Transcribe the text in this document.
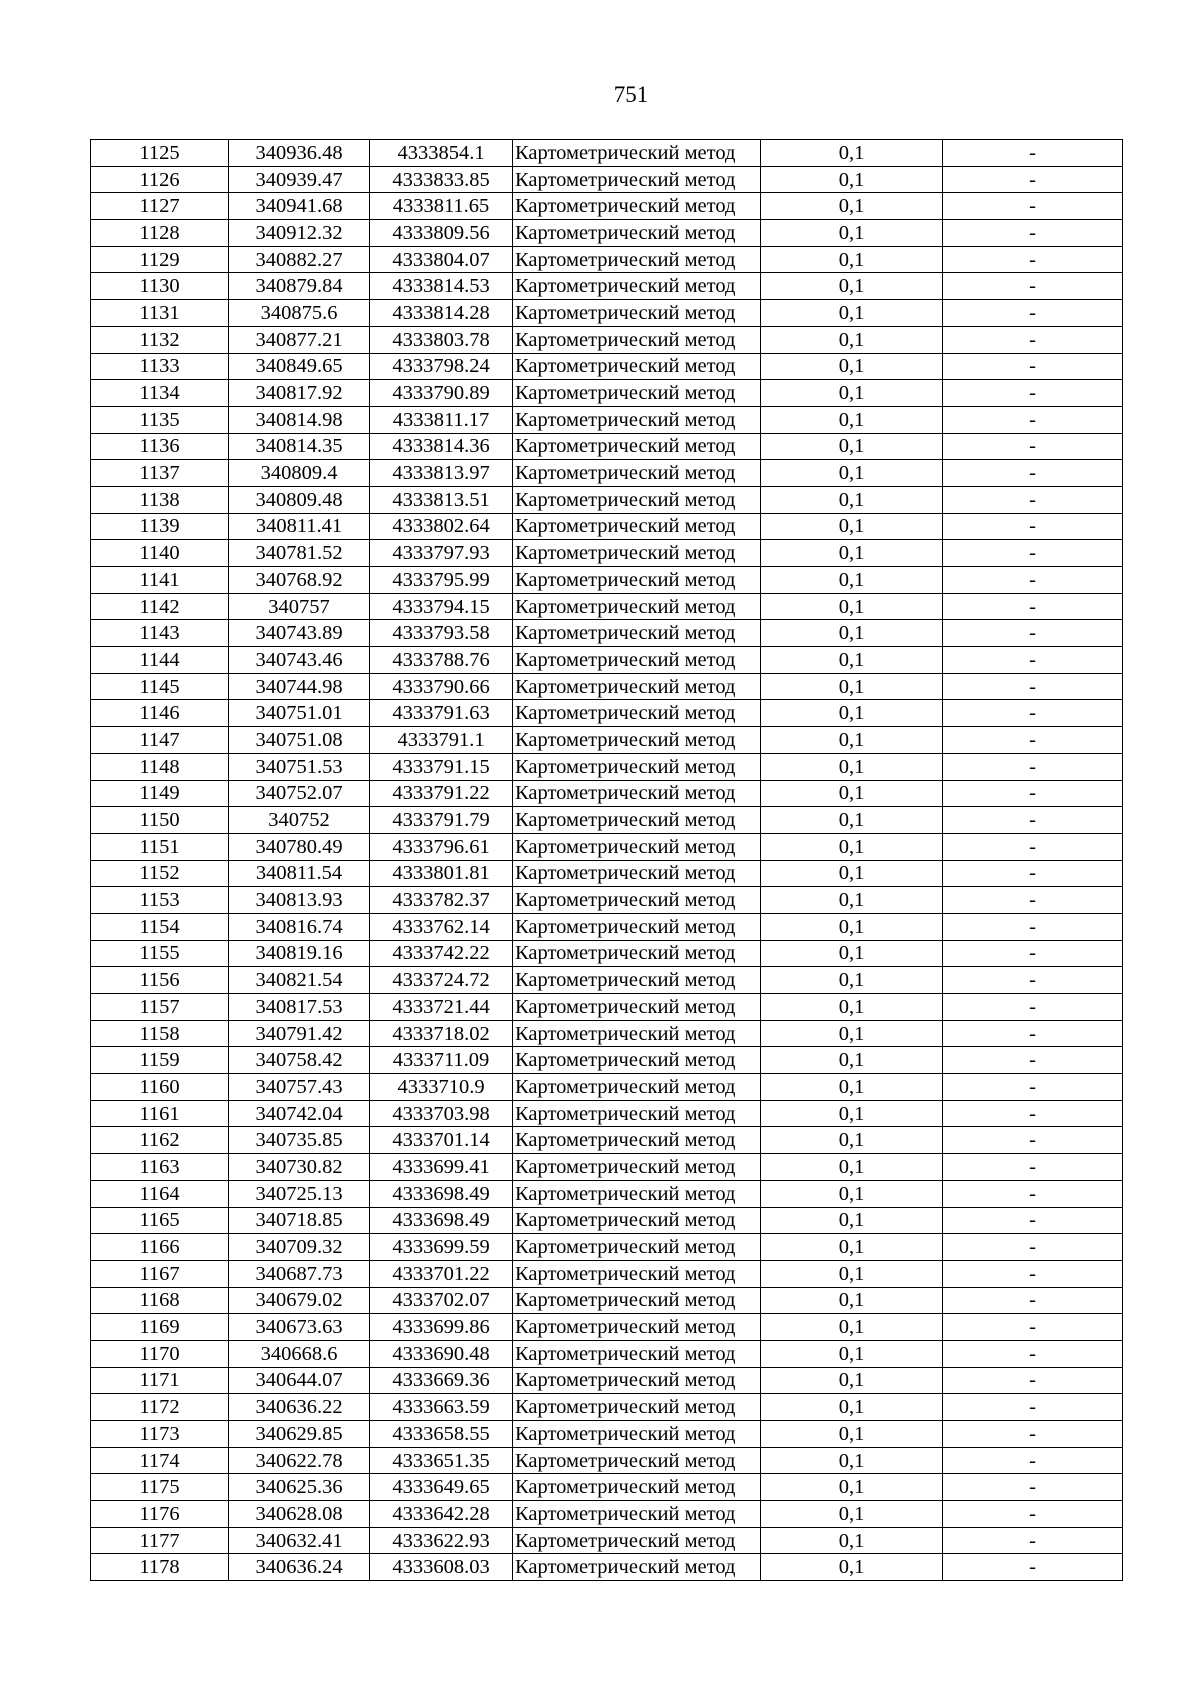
751
1125	340936.48	4333854.1	Картометрический метод	0,1	-
1126	340939.47	4333833.85	Картометрический метод	0,1	-
1127	340941.68	4333811.65	Картометрический метод	0,1	-
1128	340912.32	4333809.56	Картометрический метод	0,1	-
1129	340882.27	4333804.07	Картометрический метод	0,1	-
1130	340879.84	4333814.53	Картометрический метод	0,1	-
1131	340875.6	4333814.28	Картометрический метод	0,1	-
1132	340877.21	4333803.78	Картометрический метод	0,1	-
1133	340849.65	4333798.24	Картометрический метод	0,1	-
1134	340817.92	4333790.89	Картометрический метод	0,1	-
1135	340814.98	4333811.17	Картометрический метод	0,1	-
1136	340814.35	4333814.36	Картометрический метод	0,1	-
1137	340809.4	4333813.97	Картометрический метод	0,1	-
1138	340809.48	4333813.51	Картометрический метод	0,1	-
1139	340811.41	4333802.64	Картометрический метод	0,1	-
1140	340781.52	4333797.93	Картометрический метод	0,1	-
1141	340768.92	4333795.99	Картометрический метод	0,1	-
1142	340757	4333794.15	Картометрический метод	0,1	-
1143	340743.89	4333793.58	Картометрический метод	0,1	-
1144	340743.46	4333788.76	Картометрический метод	0,1	-
1145	340744.98	4333790.66	Картометрический метод	0,1	-
1146	340751.01	4333791.63	Картометрический метод	0,1	-
1147	340751.08	4333791.1	Картометрический метод	0,1	-
1148	340751.53	4333791.15	Картометрический метод	0,1	-
1149	340752.07	4333791.22	Картометрический метод	0,1	-
1150	340752	4333791.79	Картометрический метод	0,1	-
1151	340780.49	4333796.61	Картометрический метод	0,1	-
1152	340811.54	4333801.81	Картометрический метод	0,1	-
1153	340813.93	4333782.37	Картометрический метод	0,1	-
1154	340816.74	4333762.14	Картометрический метод	0,1	-
1155	340819.16	4333742.22	Картометрический метод	0,1	-
1156	340821.54	4333724.72	Картометрический метод	0,1	-
1157	340817.53	4333721.44	Картометрический метод	0,1	-
1158	340791.42	4333718.02	Картометрический метод	0,1	-
1159	340758.42	4333711.09	Картометрический метод	0,1	-
1160	340757.43	4333710.9	Картометрический метод	0,1	-
1161	340742.04	4333703.98	Картометрический метод	0,1	-
1162	340735.85	4333701.14	Картометрический метод	0,1	-
1163	340730.82	4333699.41	Картометрический метод	0,1	-
1164	340725.13	4333698.49	Картометрический метод	0,1	-
1165	340718.85	4333698.49	Картометрический метод	0,1	-
1166	340709.32	4333699.59	Картометрический метод	0,1	-
1167	340687.73	4333701.22	Картометрический метод	0,1	-
1168	340679.02	4333702.07	Картометрический метод	0,1	-
1169	340673.63	4333699.86	Картометрический метод	0,1	-
1170	340668.6	4333690.48	Картометрический метод	0,1	-
1171	340644.07	4333669.36	Картометрический метод	0,1	-
1172	340636.22	4333663.59	Картометрический метод	0,1	-
1173	340629.85	4333658.55	Картометрический метод	0,1	-
1174	340622.78	4333651.35	Картометрический метод	0,1	-
1175	340625.36	4333649.65	Картометрический метод	0,1	-
1176	340628.08	4333642.28	Картометрический метод	0,1	-
1177	340632.41	4333622.93	Картометрический метод	0,1	-
1178	340636.24	4333608.03	Картометрический метод	0,1	-
